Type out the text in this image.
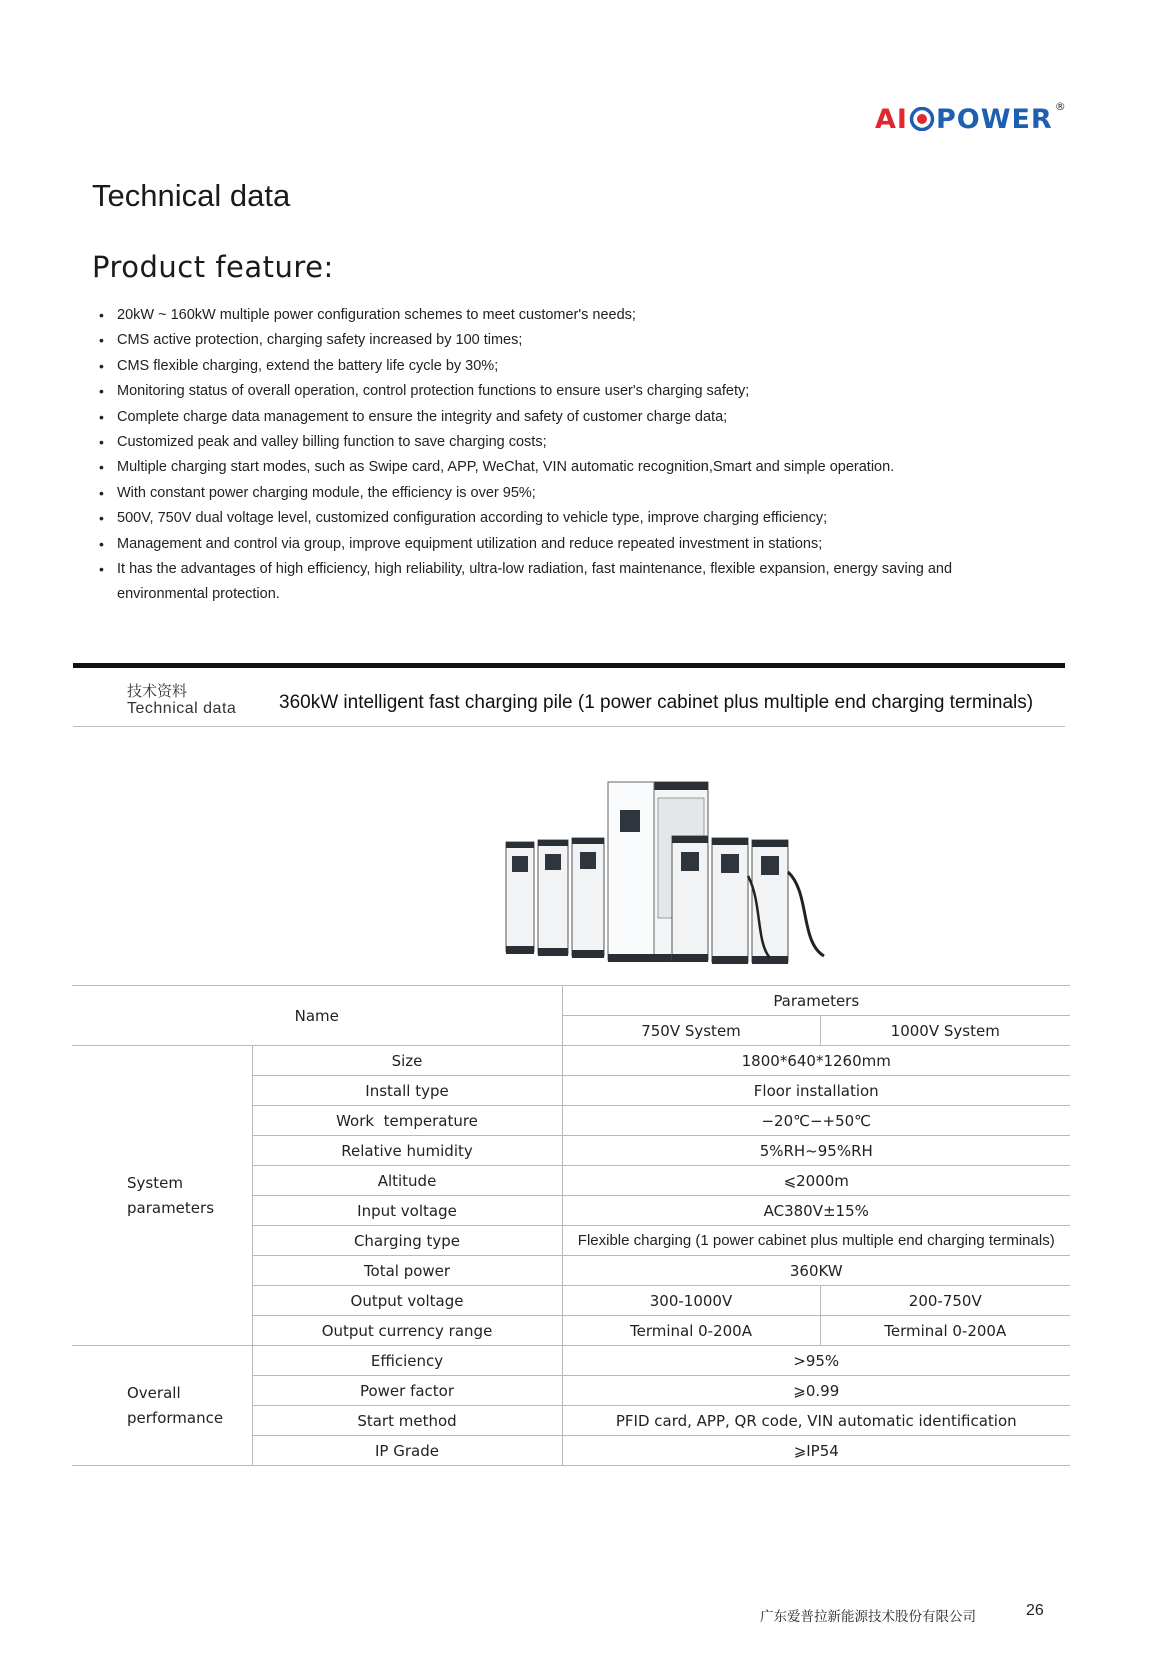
AI POWER ®
Technical data
Product feature:
• 20kW ~ 160kW multiple power configuration schemes to meet customer's needs;
• CMS active protection, charging safety increased by 100 times;
• CMS flexible charging, extend the battery life cycle by 30%;
• Monitoring status of overall operation, control protection functions to ensure user's charging safety;
• Complete charge data management to ensure the integrity and safety of customer charge data;
• Customized peak and valley billing function to save charging costs;
• Multiple charging start modes, such as Swipe card, APP, WeChat, VIN automatic recognition,Smart and simple operation.
• With constant power charging module, the efficiency is over 95%;
• 500V, 750V dual voltage level, customized configuration according to vehicle type, improve charging efficiency;
• Management and control via group, improve equipment utilization and reduce repeated investment in stations;
• It has the advantages of high efficiency, high reliability, ultra-low radiation, fast maintenance, flexible expansion, energy saving and environmental protection.
技术资料
Technical data 360kW intelligent fast charging pile (1 power cabinet plus multiple end charging terminals)
Name		Parameters	
		750V System	1000V System
System
parameters	Size	1800*640*1260mm	
	Install type	Floor installation	
	Work  temperature	−20℃−+50℃	
	Relative humidity	5%RH~95%RH	
	Altitude	⩽2000m	
	Input voltage	AC380V±15%	
	Charging type	Flexible charging (1 power cabinet plus multiple end charging terminals)	
	Total power	360KW	
	Output voltage	300-1000V	200-750V
	Output currency range	Terminal 0-200A	Terminal 0-200A
Overall
performance	Efficiency	>95%	
	Power factor	⩾0.99	
	Start method	PFID card, APP, QR code, VIN automatic identification	
	IP Grade	⩾IP54	
广东爱普拉新能源技术股份有限公司	26
